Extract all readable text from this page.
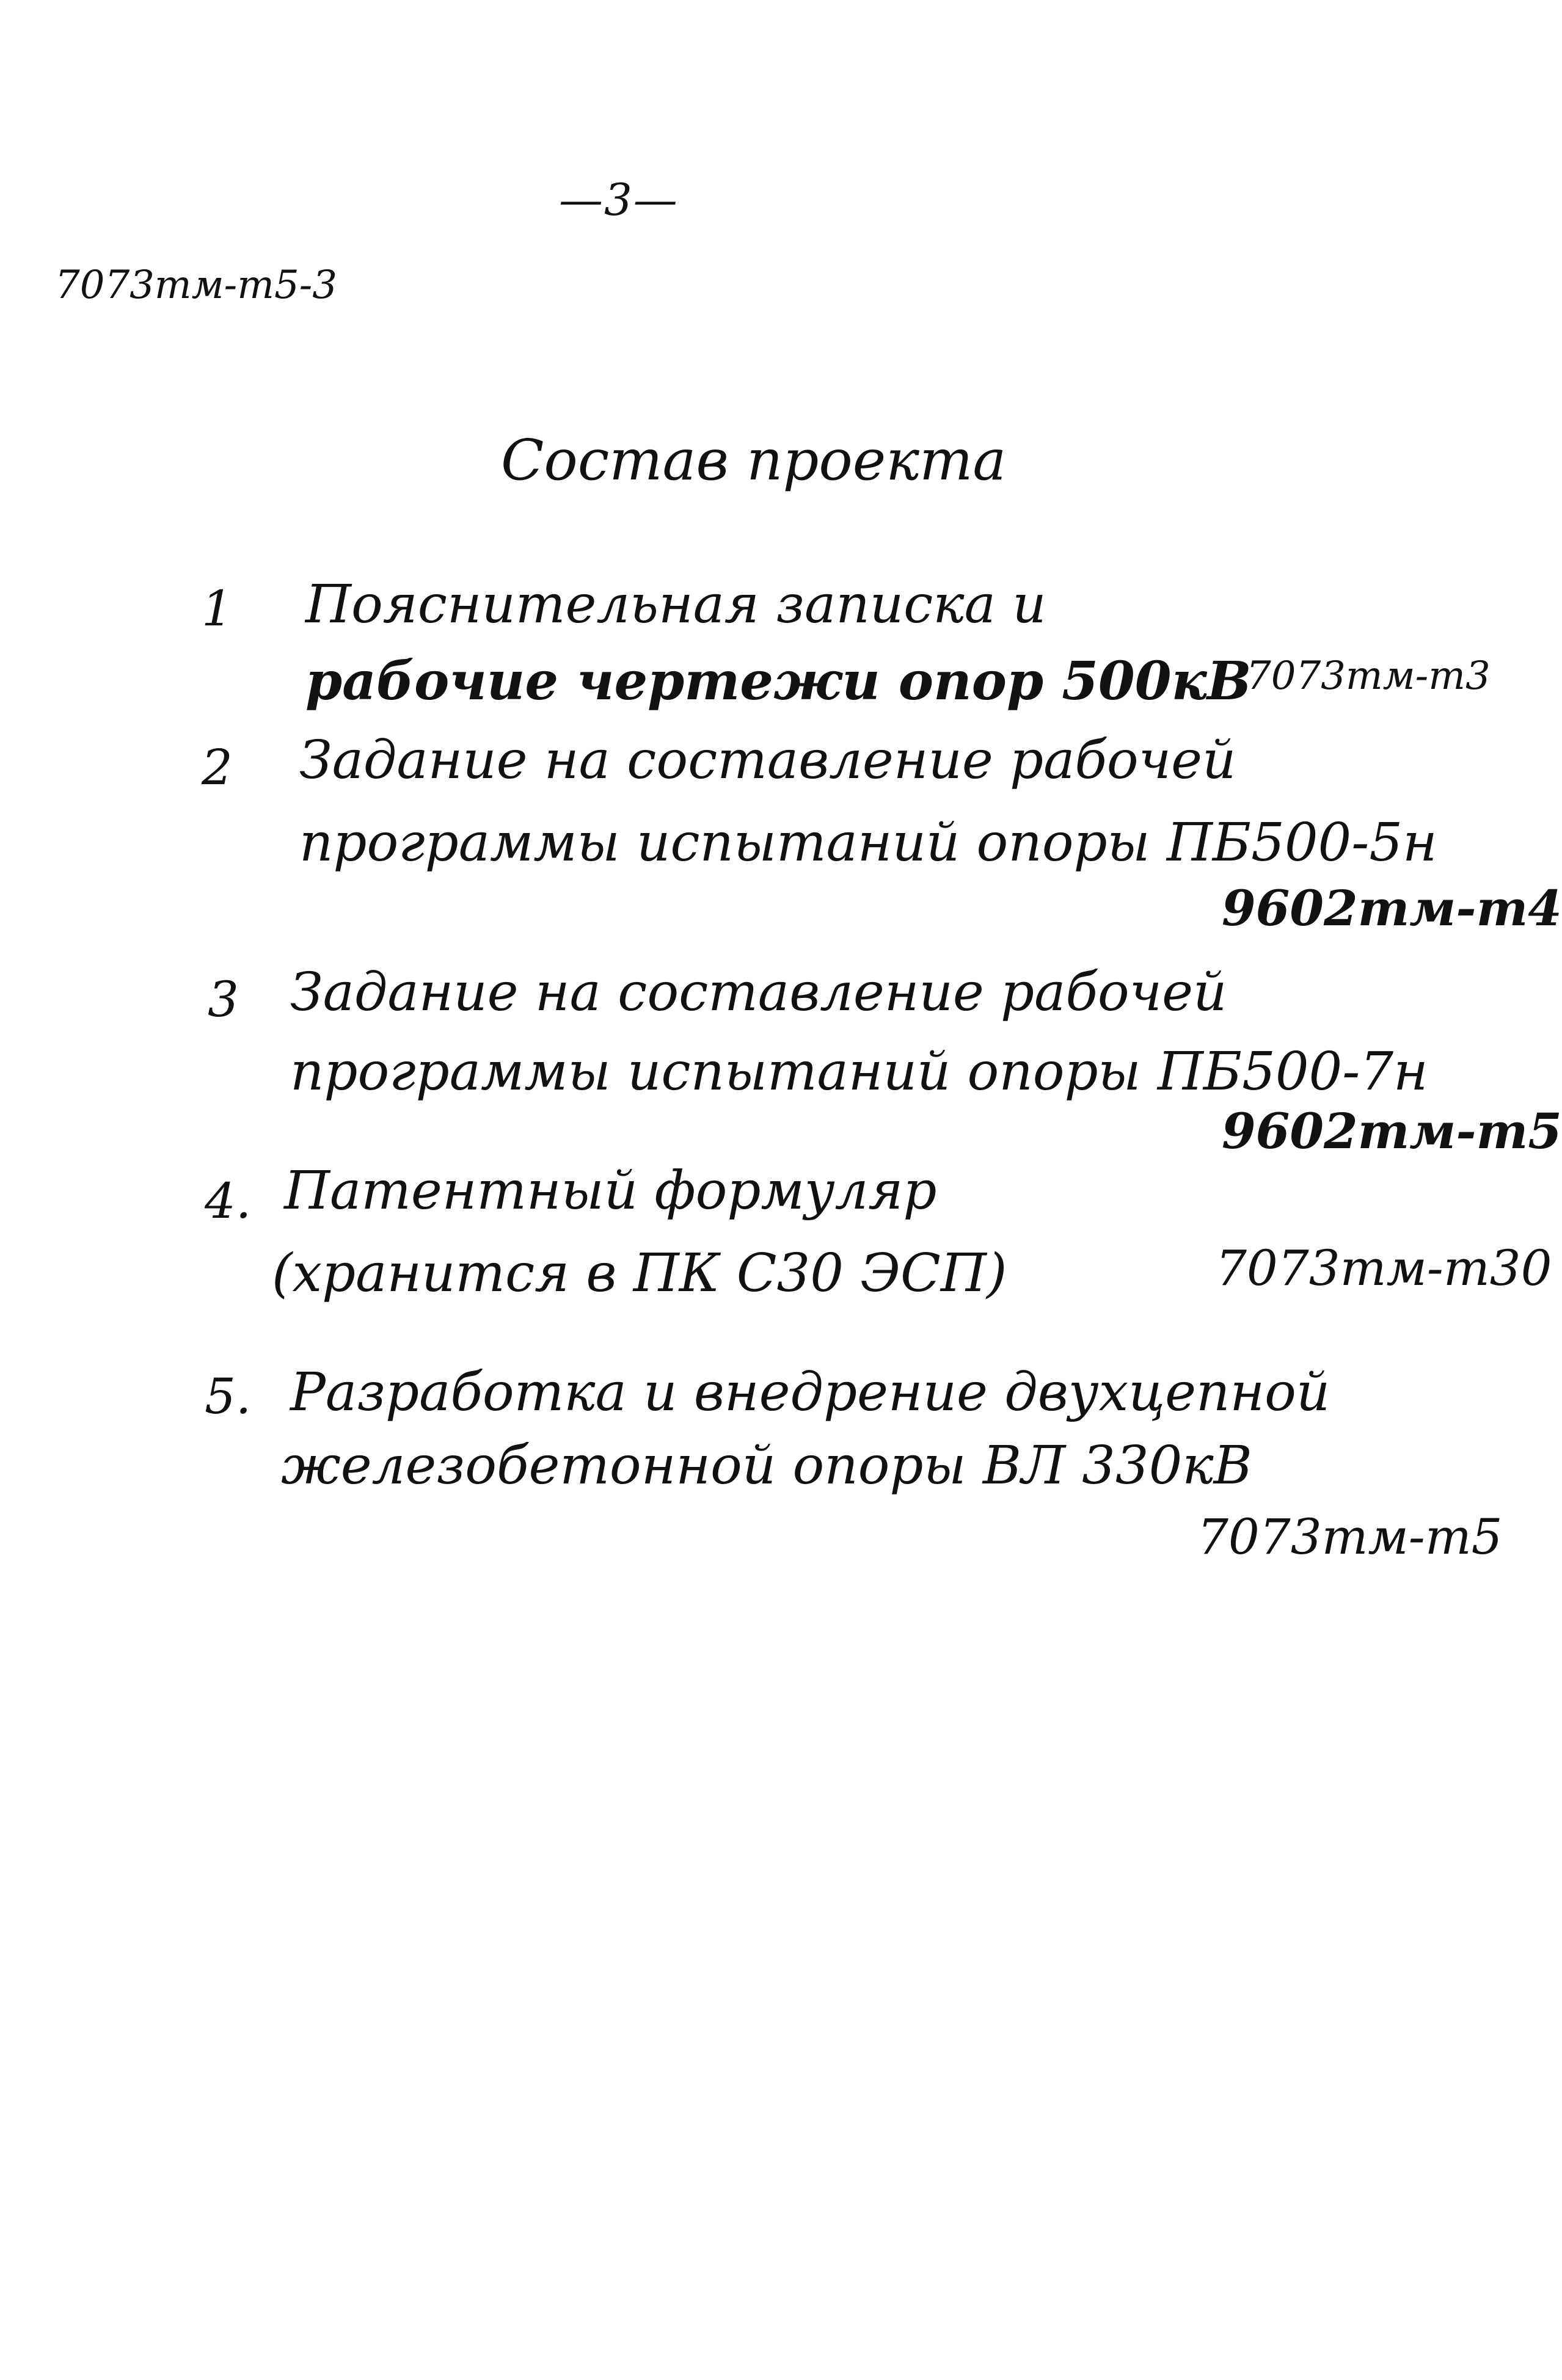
—3—
7073тм-т5-3
Состав проекта
1 Пояснительная записка и
рабочие чертежи опор 500кВ
7073тм-т3
2 Задание на составление рабочей
программы испытаний опоры ПБ500-5н
9602тм-т4
3 Задание на составление рабочей
программы испытаний опоры ПБ500-7н
9602тм-т5
4. Патентный формуляр
(хранится в ПК С30 ЭСП)	7073тм-т30
5. Разработка и внедрение двухцепной
железобетонной опоры ВЛ 330кВ
7073тм-т5
